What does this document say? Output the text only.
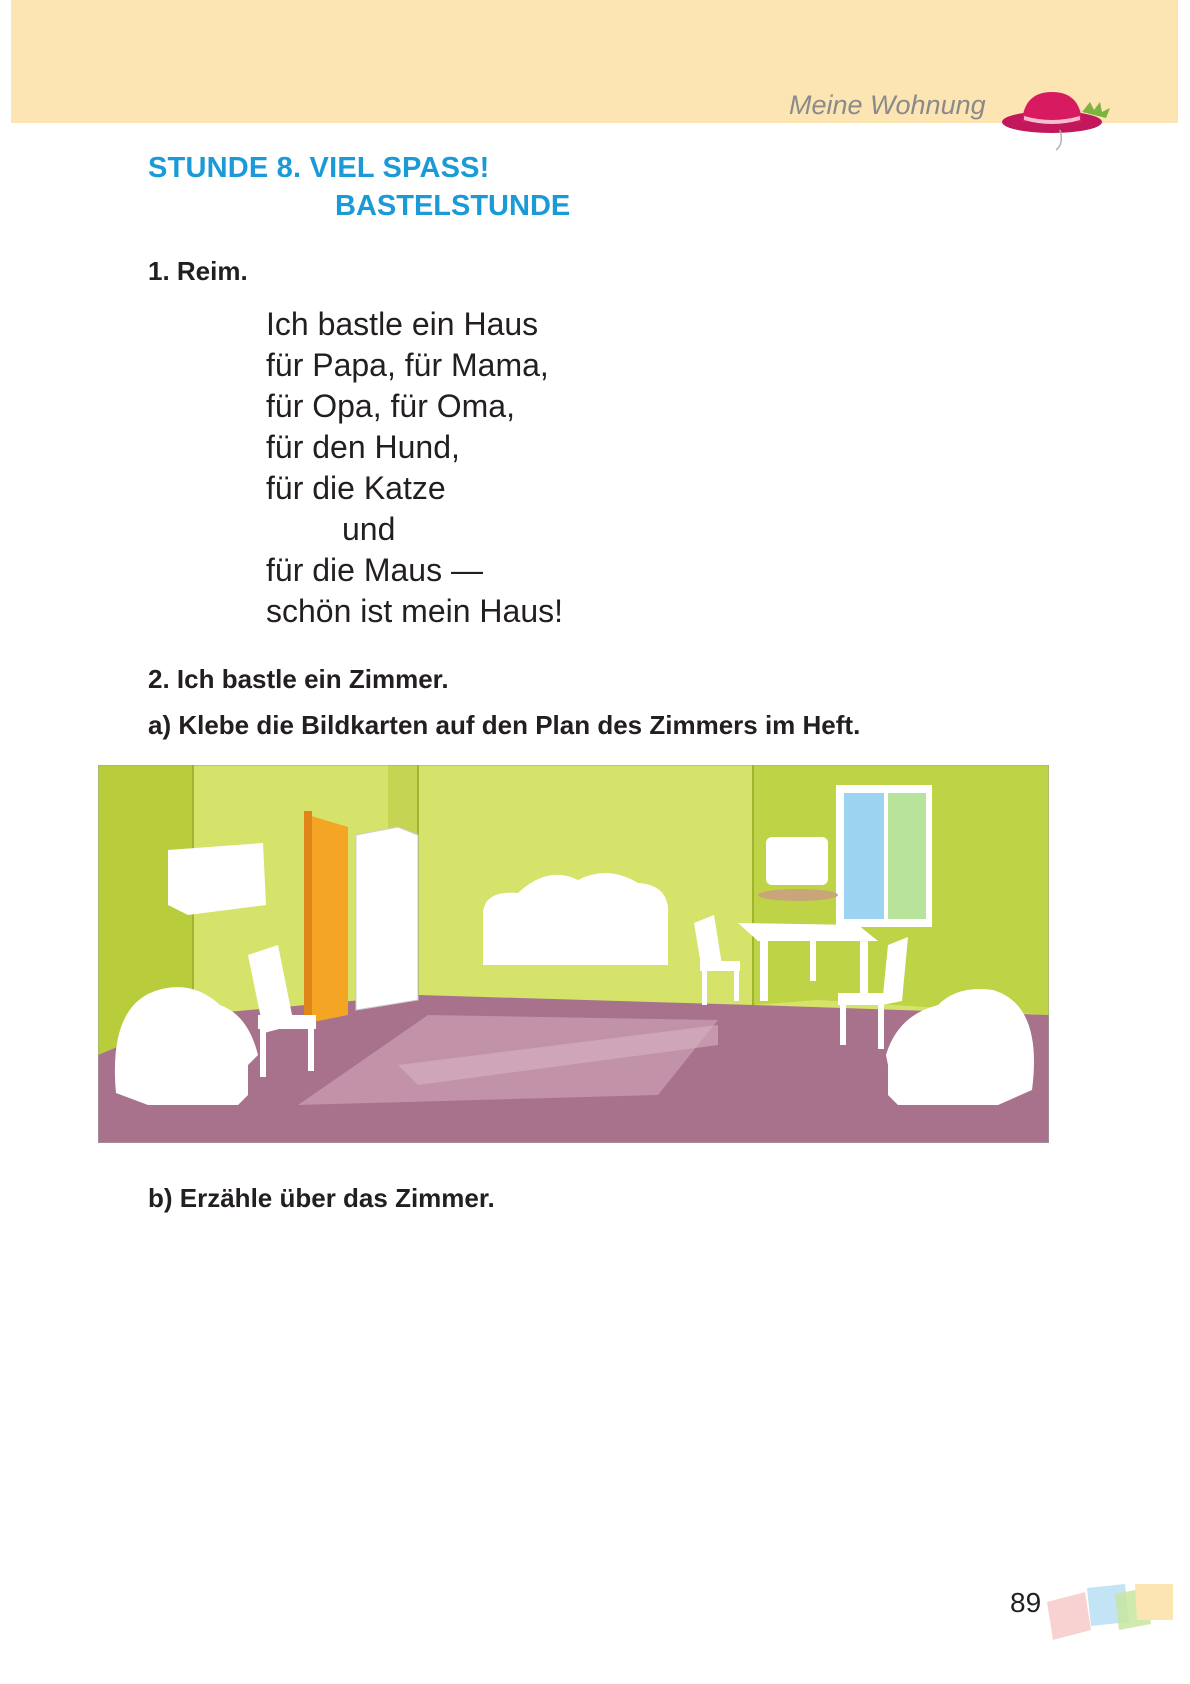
Meine Wohnung
STUNDE 8. VIEL SPASS!
BASTELSTUNDE
1. Reim.
Ich bastle ein Haus
für Papa, für Mama,
für Opa, für Oma,
für den Hund,
für die Katze
und
für die Maus —
schön ist mein Haus!
2. Ich bastle ein Zimmer.
a) Klebe die Bildkarten auf den Plan des Zimmers im Heft.
b) Erzähle über das Zimmer.
89
